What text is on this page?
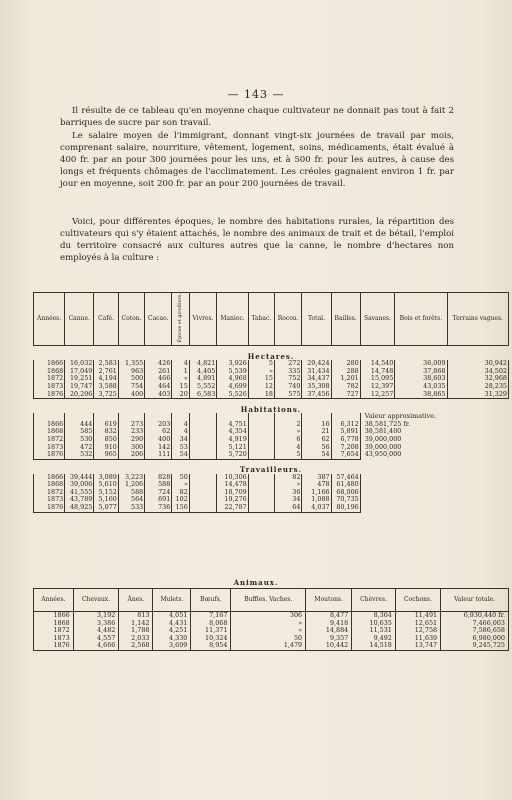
— 143 —
Il résulte de ce tableau qu'en moyenne chaque cultivateur ne donnait pas tout à fait 2 barriques de sucre par son travail.
Le salaire moyen de l'immigrant, donnant vingt-six journées de travail par mois, comprenant salaire, nourriture, vêtement, logement, soins, médicaments, était évalué à 400 fr. par an pour 300 journées pour les uns, et à 500 fr. pour les autres, à cause des longs et fréquents chômages de l'acclimatement. Les créoles gagnaient environ 1 fr. par jour en moyenne, soit 200 fr. par an pour 200 journées de travail.
Voici, pour différentes époques, le nombre des habitations rurales, la répartition des cultivateurs qui s'y étaient attachés, le nombre des animaux de trait et de bétail, l'emploi du territoire consacré aux cultures autres que la canne, le nombre d'hectares non employés à la culture :
Années.	Canne.	Café.	Coton.	Cacao.	Épices et girofliers.	Vivres.	Manioc.	Tabac.	Rocou.	Total.	Bailles.	Savanes.	Bois et forêts.	Terrains vagues.
Hectares.														
1866	16,032	2,583	1,355	426	4	4,821	3,926	5	272	29,424	280	14,540	36,009	30,942
1868	17,049	2,761	963	261	1	4,405	5,539	»	335	31,434	288	14,748	37,868	34,502
1872	19,251	4,194	500	466	»	4,891	4,968	15	752	34,437	1,201	15,095	38,603	32,968
1873	19,747	3,588	754	464	15	5,552	4,699	12	740	35,308	782	12,397	43,035	28,235
1876	20,206	3,725	400	403	20	6,583	5,526	18	575	37,456	727	12,257	38,865	31,329
Habitations.														
												Valeur approximative.		
1866	444	619	273	203	4		4,751		2	16	6,312	38,581,725 fr.		
1868	585	832	233	62	4		4,354		»	21	5,891	38,581,400		
1872	530	850	290	400	34		4,919		6	62	6,778	39,000,000		
1873	472	910	300	142	53		5,121		4	56	7,208	39,000,000		
1876	532	965	206	111	54		5,720		5	54	7,654	43,950,000		
Travailleurs.														
1866	39,444	3,089	3,223	828	50		10,306		82	387	57,464			
1868	39,006	5,610	1,206	588	»		14,478		»	478	61,480			
1872	41,555	5,152	588	724	82		18,709		36	1,166	68,006			
1873	43,789	5,160	564	691	102		19,276		34	1,088	70,735			
1876	48,925	5,077	533	736	156		22,787		64	4,037	80,196			
Animaux.
Années.	Chevaux.	Ânes.	Mulets.	Bœufs.	Buffles. Vaches.	Moutons.	Chèvres.	Cochons.	Valeur totale.
1866	3,192	813	4,051	7,167	306	8,477	8,364	11,491	6,930,440 fr.
1868	3,386	1,142	4,431	8,068	»	9,418	10,635	12,651	7,466,003
1872	4,482	1,788	4,251	11,371	»	14,884	11,531	12,758	7,586,658
1873	4,557	2,033	4,330	10,324	50	9,357	9,492	11,639	6,980,000
1876	4,666	2,568	3,699	8,954	1,479	10,442	14,518	13,747	9,245,725
